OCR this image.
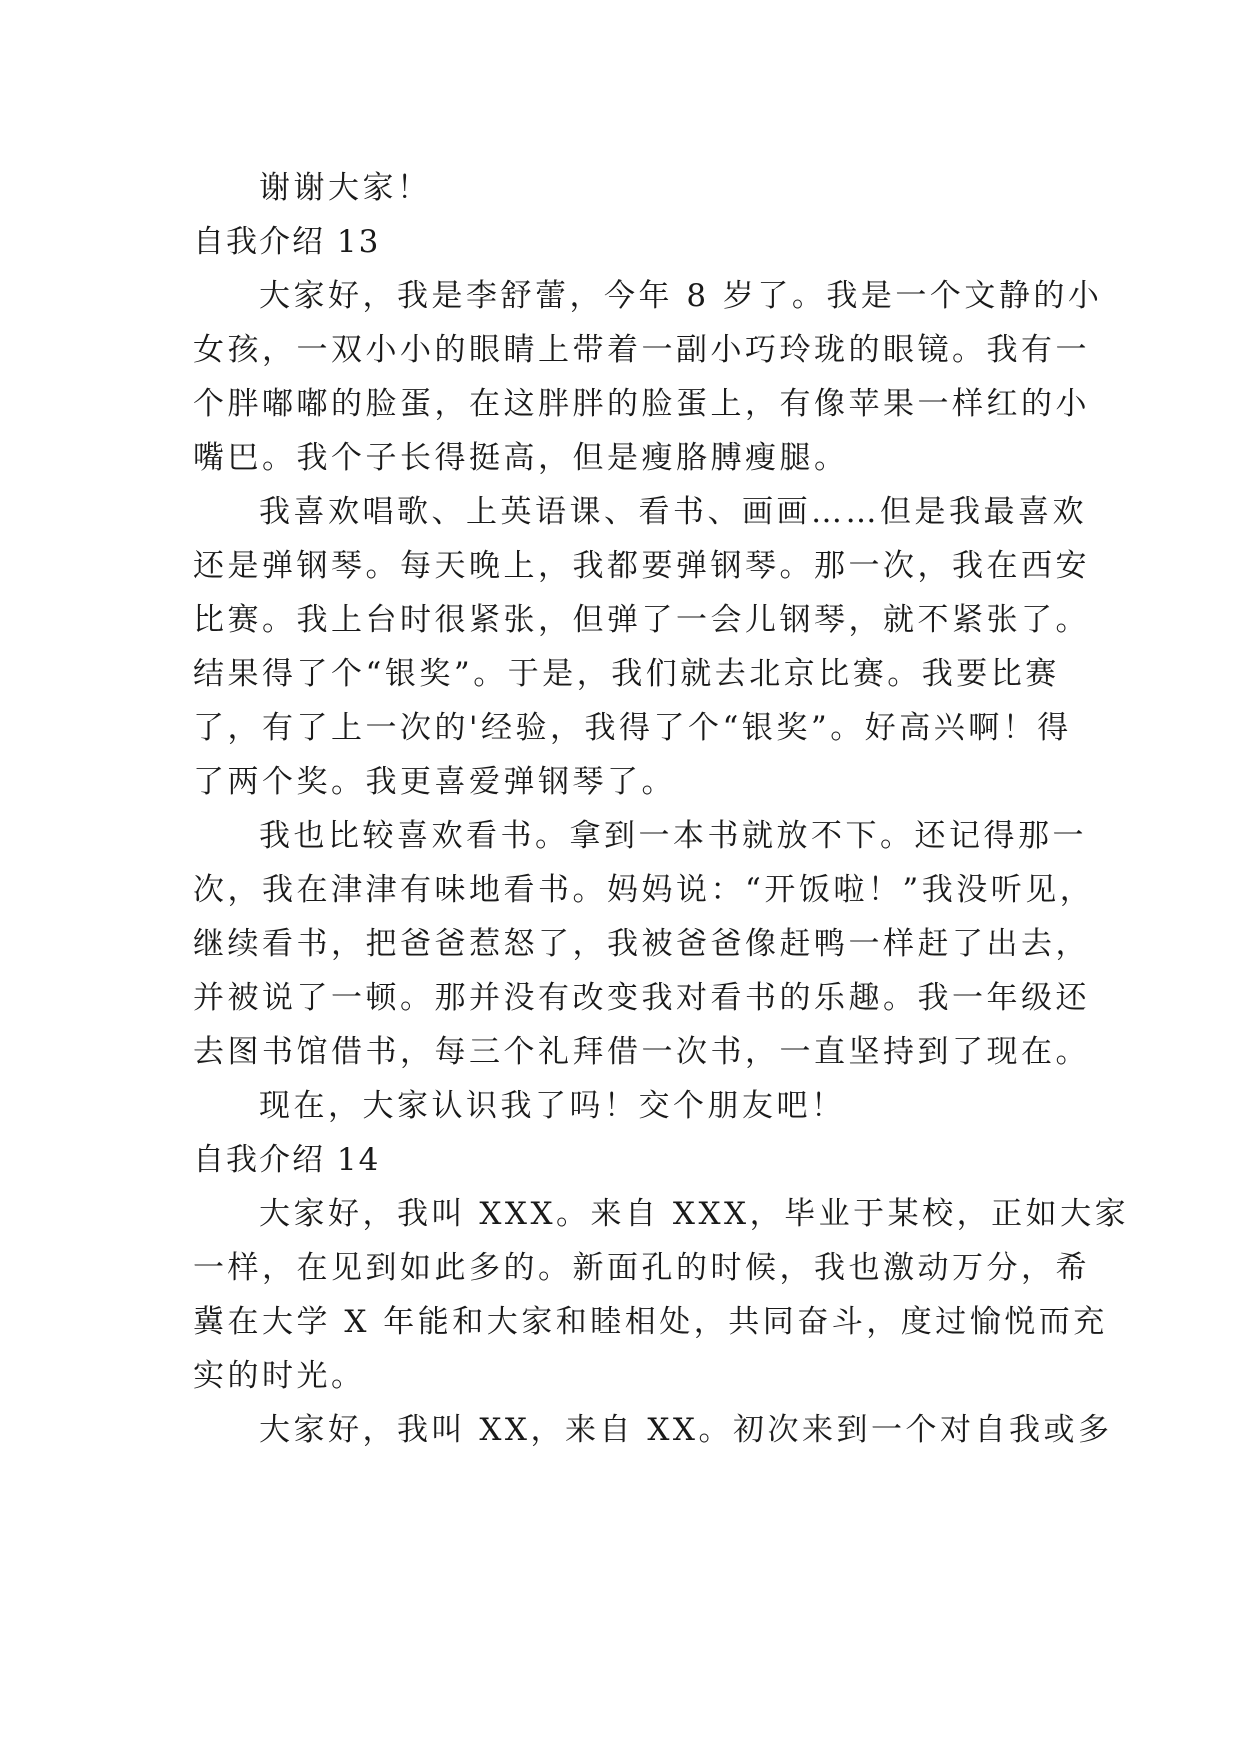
谢谢大家！
自我介绍 13
大家好，我是李舒蕾，今年 8 岁了。我是一个文静的小
女孩，一双小小的眼睛上带着一副小巧玲珑的眼镜。我有一
个胖嘟嘟的脸蛋，在这胖胖的脸蛋上，有像苹果一样红的小
嘴巴。我个子长得挺高，但是瘦胳膊瘦腿。
我喜欢唱歌、上英语课、看书、画画……但是我最喜欢
还是弹钢琴。每天晚上，我都要弹钢琴。那一次，我在西安
比赛。我上台时很紧张，但弹了一会儿钢琴，就不紧张了。
结果得了个“银奖”。于是，我们就去北京比赛。我要比赛
了，有了上一次的'经验，我得了个“银奖”。好高兴啊！得
了两个奖。我更喜爱弹钢琴了。
我也比较喜欢看书。拿到一本书就放不下。还记得那一
次，我在津津有味地看书。妈妈说：“开饭啦！”我没听见，
继续看书，把爸爸惹怒了，我被爸爸像赶鸭一样赶了出去，
并被说了一顿。那并没有改变我对看书的乐趣。我一年级还
去图书馆借书，每三个礼拜借一次书，一直坚持到了现在。
现在，大家认识我了吗！交个朋友吧！
自我介绍 14
大家好，我叫 XXX。来自 XXX，毕业于某校，正如大家
一样，在见到如此多的。新面孔的时候，我也激动万分，希
冀在大学 X 年能和大家和睦相处，共同奋斗，度过愉悦而充
实的时光。
大家好，我叫 XX，来自 XX。初次来到一个对自我或多
